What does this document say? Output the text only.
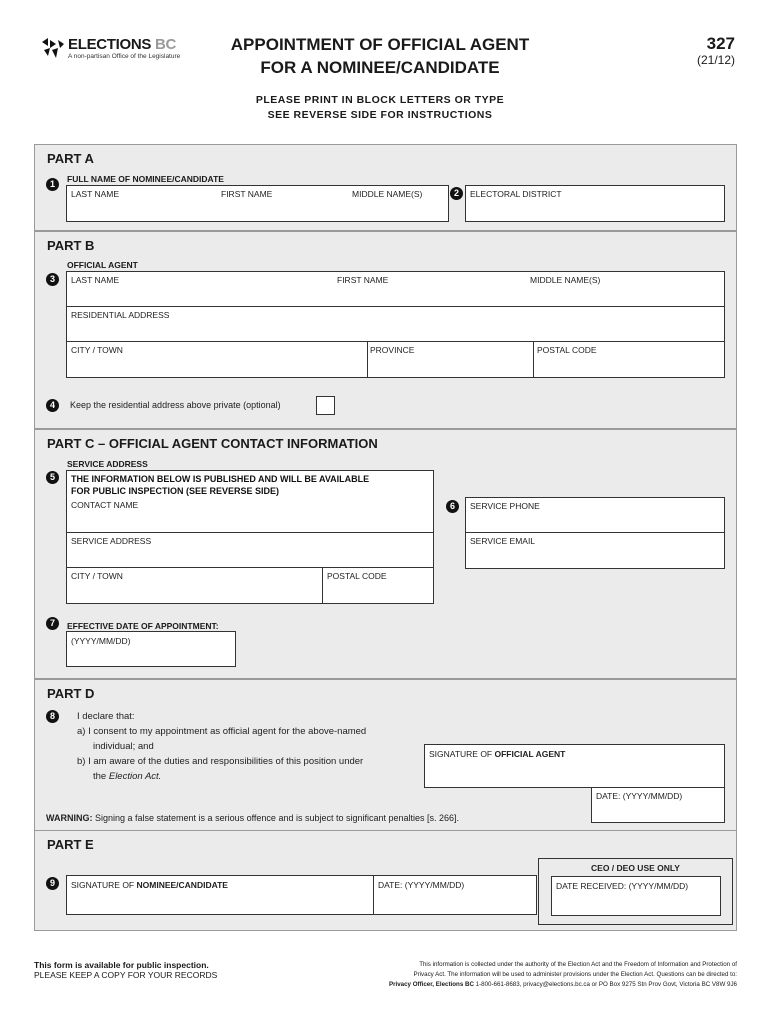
ELECTIONS BC
A non-partisan Office of the Legislature
APPOINTMENT OF OFFICIAL AGENT
FOR A NOMINEE/CANDIDATE
327
(21/12)
PLEASE PRINT IN BLOCK LETTERS OR TYPE
SEE REVERSE SIDE FOR INSTRUCTIONS
PART A
1	FULL NAME OF NOMINEE/CANDIDATE
LAST NAME	FIRST NAME	MIDDLE NAME(S)	2	ELECTORAL DISTRICT
PART B
OFFICIAL AGENT
3	LAST NAME	FIRST NAME	MIDDLE NAME(S)
RESIDENTIAL ADDRESS
CITY / TOWN	PROVINCE	POSTAL CODE
4	Keep the residential address above private (optional)
PART C – OFFICIAL AGENT CONTACT INFORMATION
SERVICE ADDRESS
5	THE INFORMATION BELOW IS PUBLISHED AND WILL BE AVAILABLE
FOR PUBLIC INSPECTION (SEE REVERSE SIDE)
CONTACT NAME
SERVICE ADDRESS
CITY / TOWN	POSTAL CODE
6	SERVICE PHONE
SERVICE EMAIL
7	EFFECTIVE DATE OF APPOINTMENT:
(YYYY/MM/DD)
PART D
8	I declare that:
a) I consent to my appointment as official agent for the above-named
individual; and
b) I am aware of the duties and responsibilities of this position under
the Election Act.
SIGNATURE OF OFFICIAL AGENT
DATE: (YYYY/MM/DD)
WARNING: Signing a false statement is a serious offence and is subject to significant penalties [s. 266].
PART E
9	SIGNATURE OF NOMINEE/CANDIDATE	DATE: (YYYY/MM/DD)
CEO / DEO USE ONLY
DATE RECEIVED: (YYYY/MM/DD)
This form is available for public inspection.
PLEASE KEEP A COPY FOR YOUR RECORDS
This information is collected under the authority of the Election Act and the Freedom of Information and Protection of
Privacy Act. The information will be used to administer provisions under the Election Act. Questions can be directed to:
Privacy Officer, Elections BC 1-800-661-8683, privacy@elections.bc.ca or PO Box 9275 Stn Prov Govt, Victoria BC V8W 9J6
